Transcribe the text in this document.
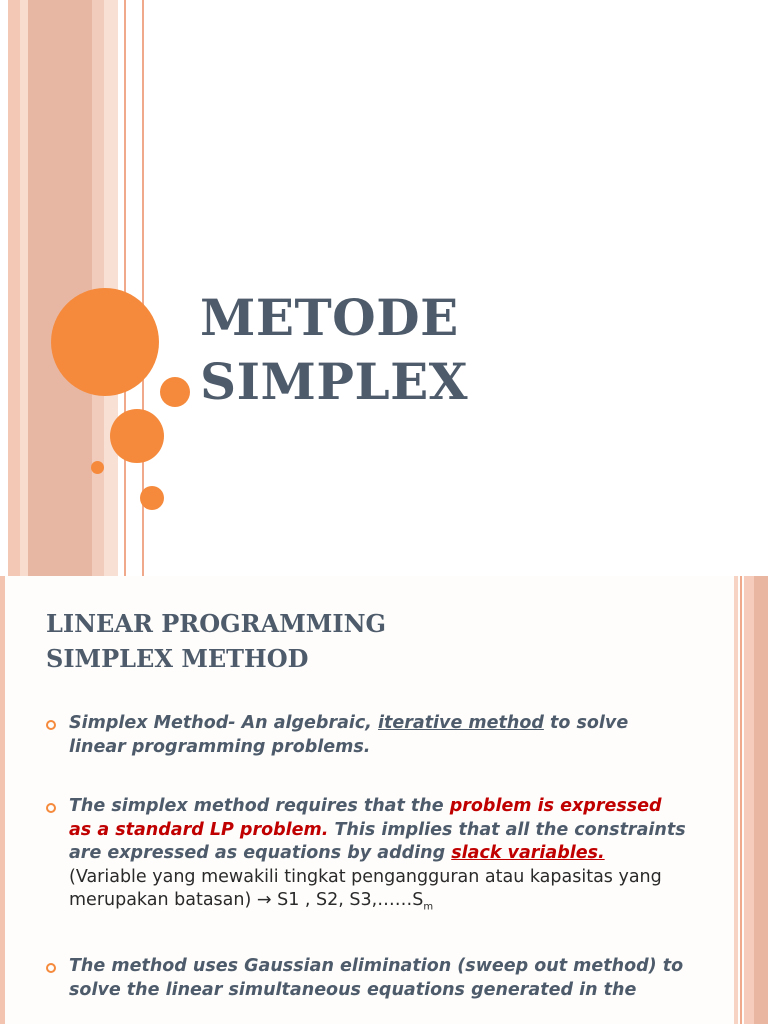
METODE
SIMPLEX
LINEAR PROGRAMMING
SIMPLEX METHOD
Simplex Method- An algebraic, iterative method to solve linear programming problems.
The simplex method requires that the problem is expressed as a standard LP problem. This implies that all the constraints are expressed as equations by adding slack variables. (Variable yang mewakili tingkat pengangguran atau kapasitas yang merupakan batasan) → S1 , S2, $S3,\dots\dots S_m$
The method uses Gaussian elimination (sweep out method) to solve the linear simultaneous equations generated in the
